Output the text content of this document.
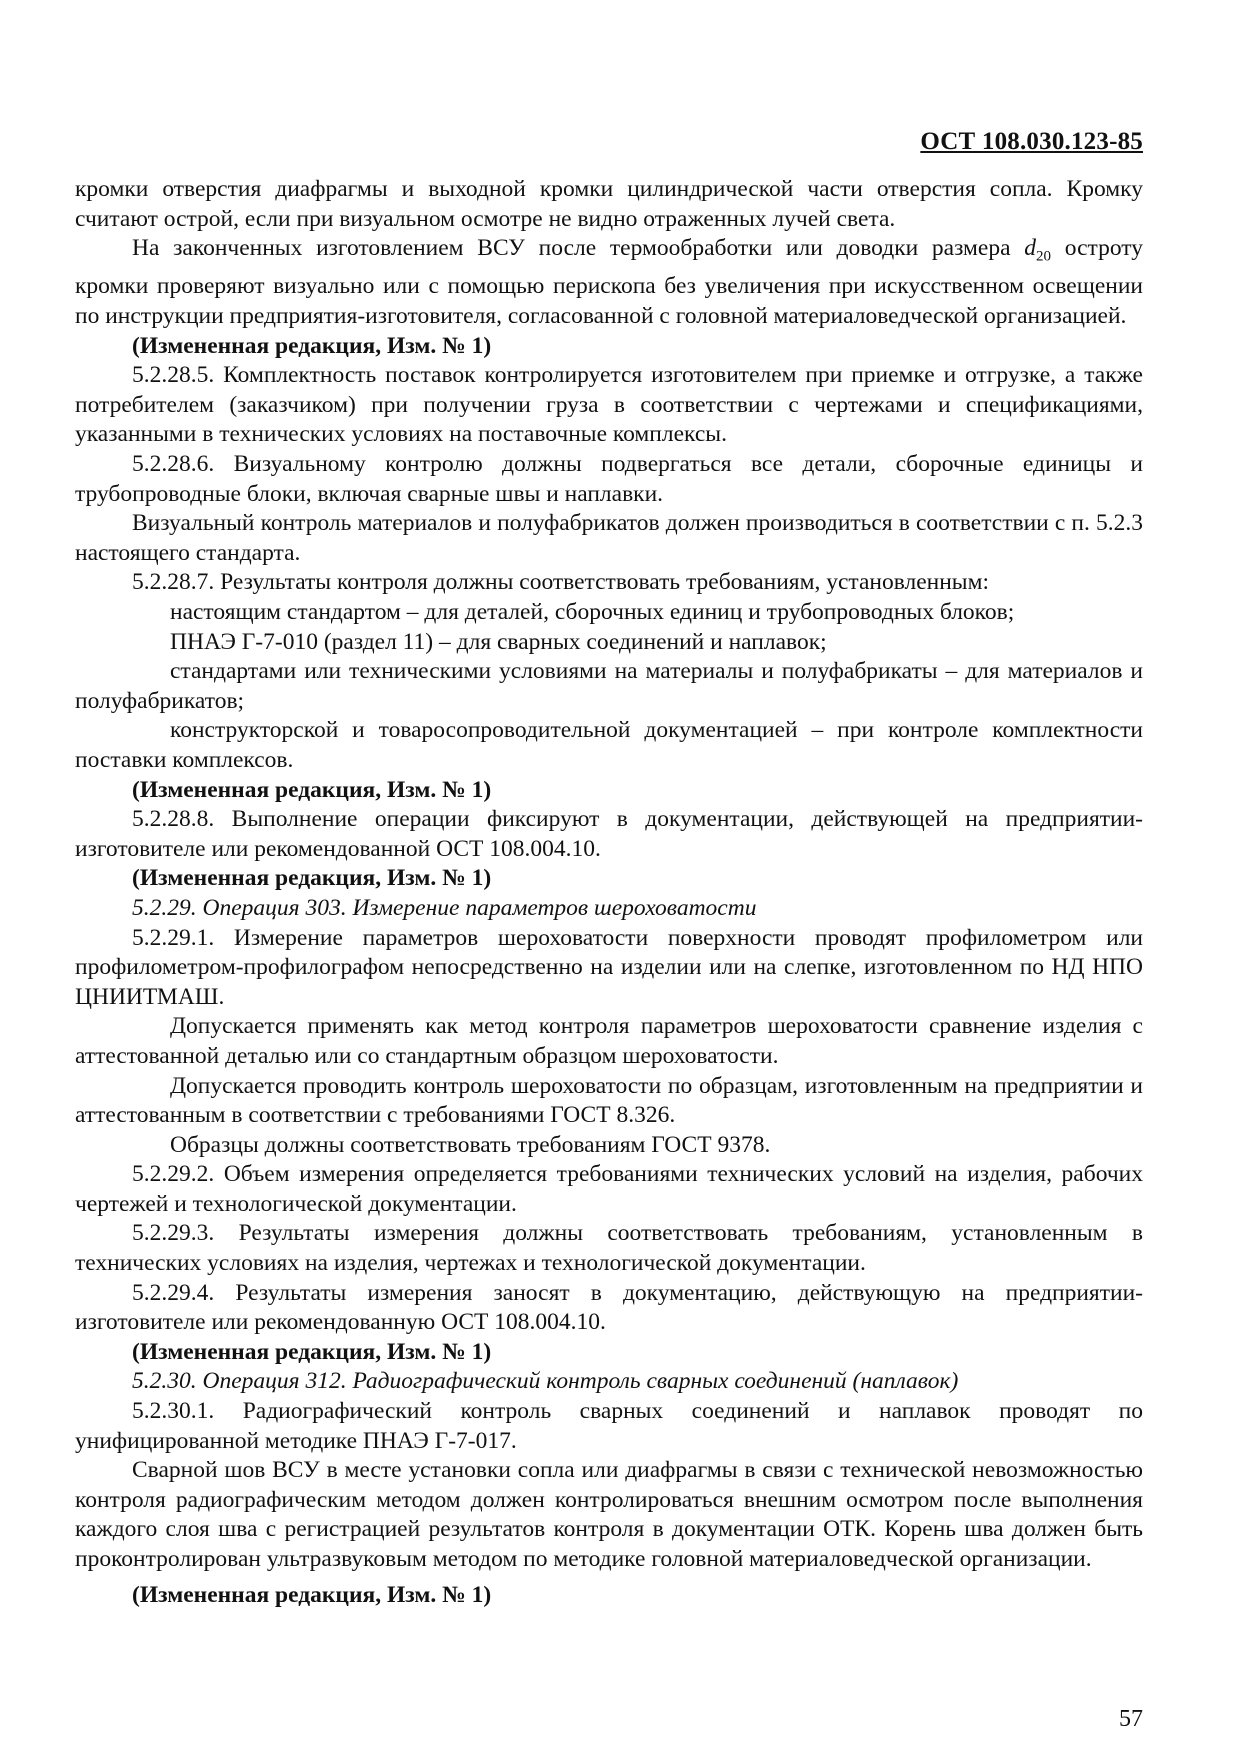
ОСТ 108.030.123-85

кромки отверстия диафрагмы и выходной кромки цилиндрической части отверстия сопла. Кромку считают острой, если при визуальном осмотре не видно отраженных лучей света.

На законченных изготовлением ВСУ после термообработки или доводки размера $d_{20}$ остроту кромки проверяют визуально или с помощью перископа без увеличения при искусственном освещении по инструкции предприятия-изготовителя, согласованной с головной материаловедческой организацией.

(Измененная редакция, Изм. № 1)

5.2.28.5. Комплектность поставок контролируется изготовителем при приемке и отгрузке, а также потребителем (заказчиком) при получении груза в соответствии с чертежами и спецификациями, указанными в технических условиях на поставочные комплексы.

5.2.28.6. Визуальному контролю должны подвергаться все детали, сборочные единицы и трубопроводные блоки, включая сварные швы и наплавки.

Визуальный контроль материалов и полуфабрикатов должен производиться в соответствии с п. 5.2.3 настоящего стандарта.

5.2.28.7. Результаты контроля должны соответствовать требованиям, установленным:

настоящим стандартом – для деталей, сборочных единиц и трубопроводных блоков;

ПНАЭ Г-7-010 (раздел 11) – для сварных соединений и наплавок;

стандартами или техническими условиями на материалы и полуфабрикаты – для материалов и полуфабрикатов;

конструкторской и товаросопроводительной документацией – при контроле комплектности поставки комплексов.

(Измененная редакция, Изм. № 1)

5.2.28.8. Выполнение операции фиксируют в документации, действующей на предприятии-изготовителе или рекомендованной ОСТ 108.004.10.

(Измененная редакция, Изм. № 1)

5.2.29. Операция 303. Измерение параметров шероховатости

5.2.29.1. Измерение параметров шероховатости поверхности проводят профилометром или профилометром-профилографом непосредственно на изделии или на слепке, изготовленном по НД НПО ЦНИИТМАШ.

Допускается применять как метод контроля параметров шероховатости сравнение изделия с аттестованной деталью или со стандартным образцом шероховатости.

Допускается проводить контроль шероховатости по образцам, изготовленным на предприятии и аттестованным в соответствии с требованиями ГОСТ 8.326.

Образцы должны соответствовать требованиям ГОСТ 9378.

5.2.29.2. Объем измерения определяется требованиями технических условий на изделия, рабочих чертежей и технологической документации.

5.2.29.3. Результаты измерения должны соответствовать требованиям, установленным в технических условиях на изделия, чертежах и технологической документации.

5.2.29.4. Результаты измерения заносят в документацию, действующую на предприятии-изготовителе или рекомендованную ОСТ 108.004.10.

(Измененная редакция, Изм. № 1)

5.2.30. Операция 312. Радиографический контроль сварных соединений (наплавок)

5.2.30.1. Радиографический контроль сварных соединений и наплавок проводят по унифицированной методике ПНАЭ Г-7-017.

Сварной шов ВСУ в месте установки сопла или диафрагмы в связи с технической невозможностью контроля радиографическим методом должен контролироваться внешним осмотром после выполнения каждого слоя шва с регистрацией результатов контроля в документации ОТК. Корень шва должен быть проконтролирован ультразвуковым методом по методике головной материаловедческой организации.

(Измененная редакция, Изм. № 1)

57
